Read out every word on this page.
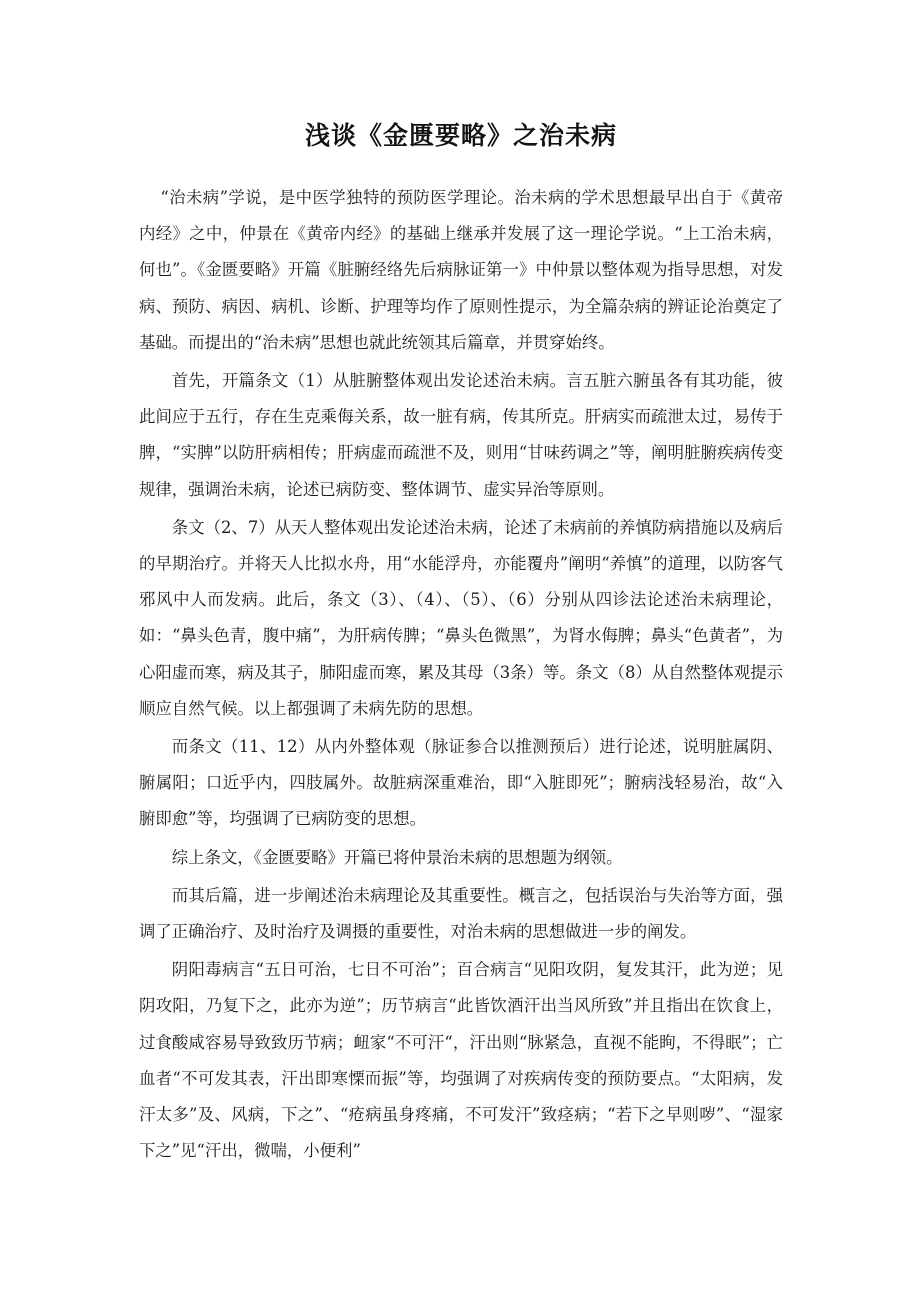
浅谈《金匮要略》之治未病

“治未病”学说，是中医学独特的预防医学理论。治未病的学术思想最早出自于《黄帝内经》之中，仲景在《黄帝内经》的基础上继承并发展了这一理论学说。“上工治未病，何也”。《金匮要略》开篇《脏腑经络先后病脉证第一》中仲景以整体观为指导思想，对发病、预防、病因、病机、诊断、护理等均作了原则性提示，为全篇杂病的辨证论治奠定了基础。而提出的“治未病”思想也就此统领其后篇章，并贯穿始终。

首先，开篇条文（1）从脏腑整体观出发论述治未病。言五脏六腑虽各有其功能，彼此间应于五行，存在生克乘侮关系，故一脏有病，传其所克。肝病实而疏泄太过，易传于脾，“实脾”以防肝病相传；肝病虚而疏泄不及，则用“甘味药调之”等，阐明脏腑疾病传变规律，强调治未病，论述已病防变、整体调节、虚实异治等原则。

条文（2、7）从天人整体观出发论述治未病，论述了未病前的养慎防病措施以及病后的早期治疗。并将天人比拟水舟，用“水能浮舟，亦能覆舟”阐明“养慎”的道理，以防客气邪风中人而发病。此后，条文（3）、（4）、（5）、（6）分别从四诊法论述治未病理论，如：“鼻头色青，腹中痛”，为肝病传脾；“鼻头色微黑”，为肾水侮脾；鼻头“色黄者”，为心阳虚而寒，病及其子，肺阳虚而寒，累及其母（3条）等。条文（8）从自然整体观提示顺应自然气候。以上都强调了未病先防的思想。

而条文（11、12）从内外整体观（脉证参合以推测预后）进行论述，说明脏属阴、腑属阳；口近乎内，四肢属外。故脏病深重难治，即“入脏即死”；腑病浅轻易治，故“入腑即愈”等，均强调了已病防变的思想。

综上条文，《金匮要略》开篇已将仲景治未病的思想题为纲领。

而其后篇，进一步阐述治未病理论及其重要性。概言之，包括误治与失治等方面，强调了正确治疗、及时治疗及调摄的重要性，对治未病的思想做进一步的阐发。

阴阳毒病言“五日可治，七日不可治”；百合病言“见阳攻阴，复发其汗，此为逆；见阴攻阳，乃复下之，此亦为逆”；历节病言“此皆饮酒汗出当风所致”并且指出在饮食上，过食酸咸容易导致致历节病；衄家“不可汗“，汗出则“脉紧急，直视不能眴，不得眠”；亡血者“不可发其表，汗出即寒慄而振”等，均强调了对疾病传变的预防要点。“太阳病，发汗太多”及、风病，下之”、“疮病虽身疼痛，不可发汗”致痉病；“若下之早则哕”、“湿家下之”见“汗出，微喘，小便利”
